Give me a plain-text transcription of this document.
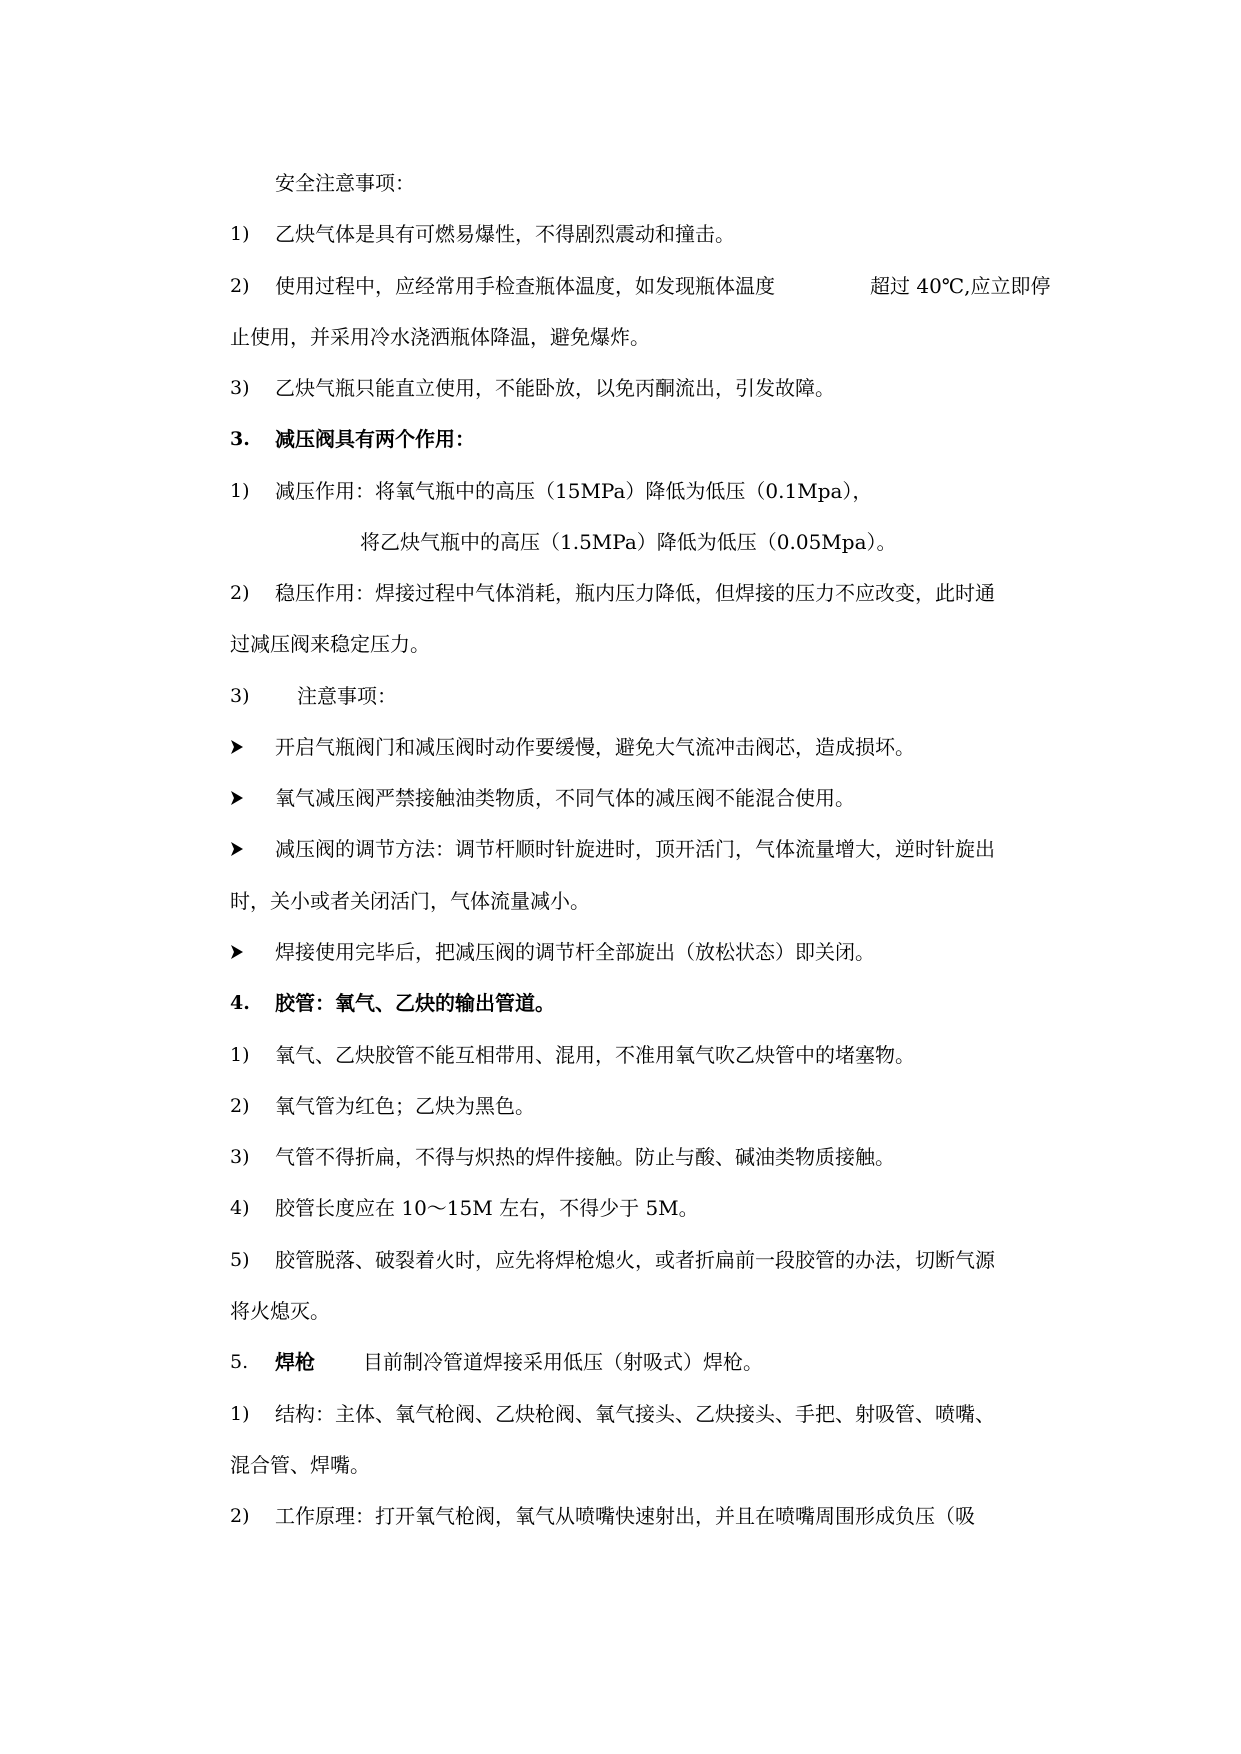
安全注意事项：
1)	乙炔气体是具有可燃易爆性，不得剧烈震动和撞击。
2)	使用过程中，应经常用手检查瓶体温度，如发现瓶体温度	超过 40℃,应立即停
止使用，并采用冷水浇洒瓶体降温，避免爆炸。
3)	乙炔气瓶只能直立使用，不能卧放，以免丙酮流出，引发故障。
3.	减压阀具有两个作用：
1)	减压作用：将氧气瓶中的高压（15MPa）降低为低压（0.1Mpa），
将乙炔气瓶中的高压（1.5MPa）降低为低压（0.05Mpa）。
2)	稳压作用：焊接过程中气体消耗，瓶内压力降低，但焊接的压力不应改变，此时通
过减压阀来稳定压力。
3)	注意事项：
开启气瓶阀门和减压阀时动作要缓慢，避免大气流冲击阀芯，造成损坏。
氧气减压阀严禁接触油类物质，不同气体的减压阀不能混合使用。
减压阀的调节方法：调节杆顺时针旋进时，顶开活门，气体流量增大，逆时针旋出
时，关小或者关闭活门，气体流量减小。
焊接使用完毕后，把减压阀的调节杆全部旋出（放松状态）即关闭。
4.	胶管：氧气、乙炔的输出管道。
1)	氧气、乙炔胶管不能互相带用、混用，不准用氧气吹乙炔管中的堵塞物。
2)	氧气管为红色；乙炔为黑色。
3)	气管不得折扁，不得与炽热的焊件接触。防止与酸、碱油类物质接触。
4)	胶管长度应在 10～15M 左右，不得少于 5M。
5)	胶管脱落、破裂着火时，应先将焊枪熄火，或者折扁前一段胶管的办法，切断气源
将火熄灭。
5.	焊枪 目前制冷管道焊接采用低压（射吸式）焊枪。
1)	结构：主体、氧气枪阀、乙炔枪阀、氧气接头、乙炔接头、手把、射吸管、喷嘴、
混合管、焊嘴。
2)	工作原理：打开氧气枪阀，氧气从喷嘴快速射出，并且在喷嘴周围形成负压（吸
